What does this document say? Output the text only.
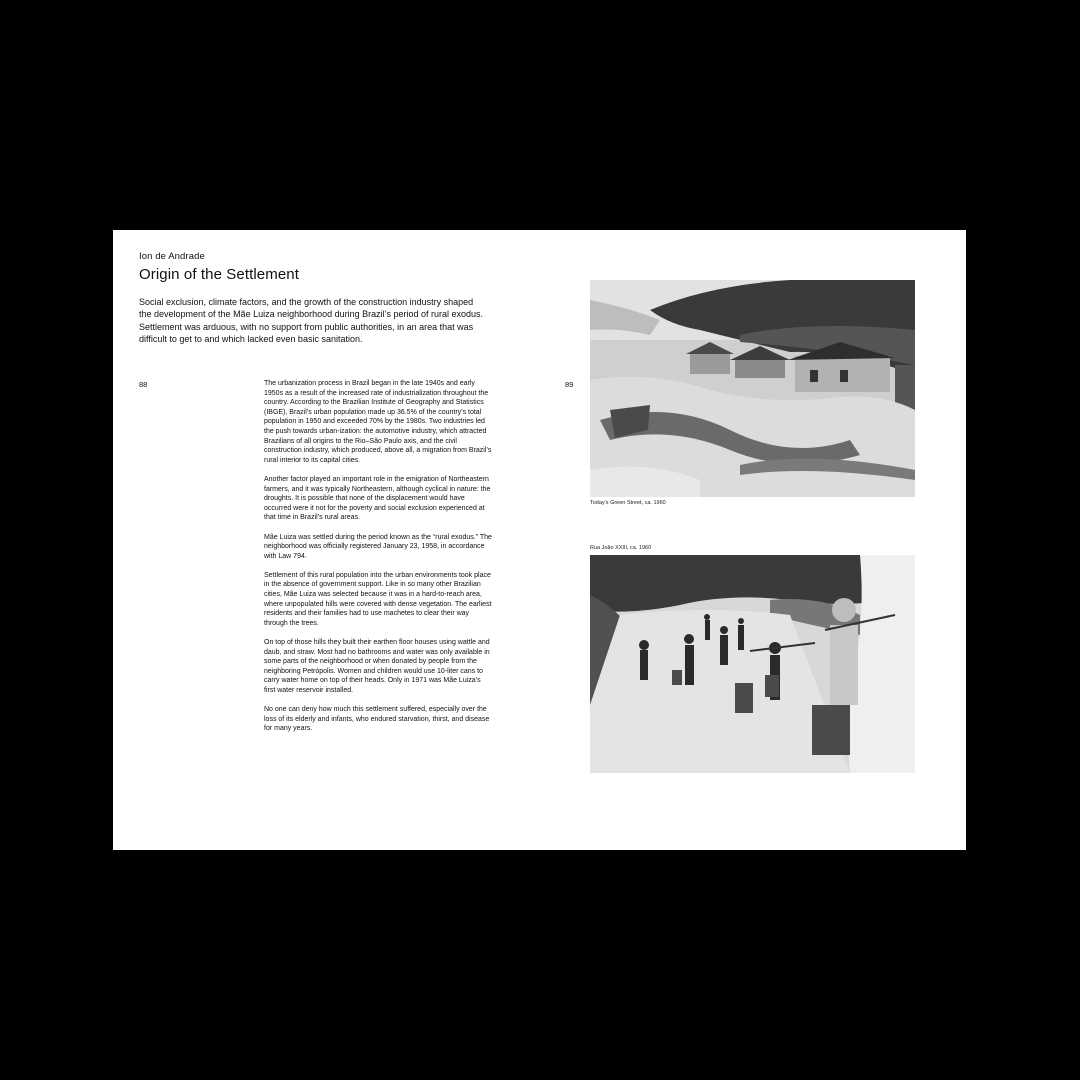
Ion de Andrade
Origin of the Settlement
Social exclusion, climate factors, and the growth of the construction industry shaped the development of the Mãe Luiza neighborhood during Brazil’s period of rural exodus. Settlement was arduous, with no support from public authorities, in an area that was difficult to get to and which lacked even basic sanitation.
88	The urbanization process in Brazil began in the late 1940s and early 1950s as a result of the increased rate of industrialization throughout the country. According to the Brazilian Institute of Geography and Statistics (IBGE), Brazil’s urban population made up 36.5% of the country’s total population in 1950 and exceeded 70% by the 1980s. Two industries led the push towards urban-ization: the automotive industry, which attracted Brazilians of all origins to the Rio–São Paulo axis, and the civil construction industry, which produced, above all, a migration from Brazil’s rural interior to its capital cities.

Another factor played an important role in the emigration of Northeastern farmers, and it was typically Northeastern, although cyclical in nature: the droughts. It is possible that none of the displacement would have occurred were it not for the poverty and social exclusion experienced at that time in Brazil’s rural areas.

Mãe Luiza was settled during the period known as the “rural exodus.” The neighborhood was officially registered January 23, 1958, in accordance with Law 794.

Settlement of this rural population into the urban environments took place in the absence of government support. Like in so many other Brazilian cities, Mãe Luiza was selected because it was in a hard-to-reach area, where unpopulated hills were covered with dense vegetation. The earliest residents and their families had to use machetes to clear their way through the trees.

On top of those hills they built their earthen floor houses using wattle and daub, and straw. Most had no bathrooms and water was only available in some parts of the neighborhood or when donated by people from the neighboring Petrópolis. Women and children would use 10-liter cans to carry water home on top of their heads. Only in 1971 was Mãe Luiza’s first water reservoir installed.

No one can deny how much this settlement suffered, especially over the loss of its elderly and infants, who endured starvation, thirst, and disease for many years.

89
Today’s Green Street, ca. 1960
Rua João XXIII, ca. 1960
